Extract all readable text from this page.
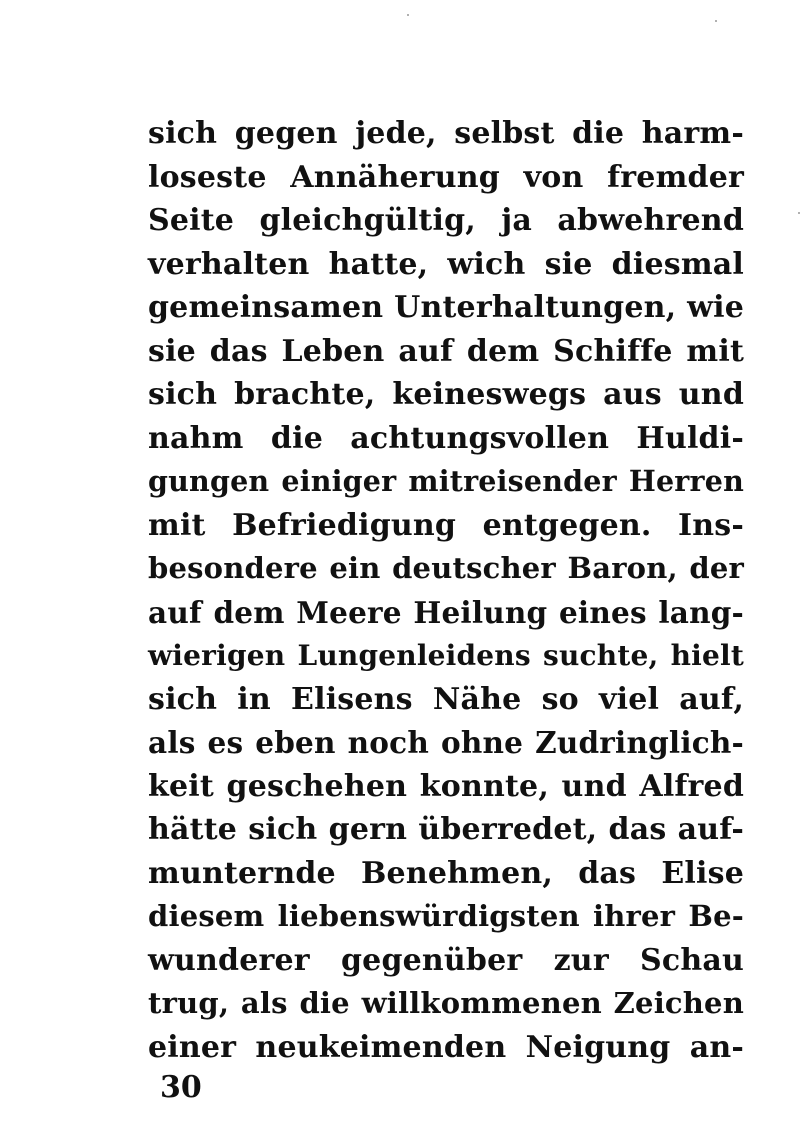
sich gegen jede, selbst die harm-
loseste Annäherung von fremder
Seite gleichgültig, ja abwehrend
verhalten hatte, wich sie diesmal
gemeinsamen Unterhaltungen, wie
sie das Leben auf dem Schiffe mit
sich brachte, keineswegs aus und
nahm die achtungsvollen Huldi-
gungen einiger mitreisender Herren
mit Befriedigung entgegen. Ins-
besondere ein deutscher Baron, der
auf dem Meere Heilung eines lang-
wierigen Lungenleidens suchte, hielt
sich in Elisens Nähe so viel auf,
als es eben noch ohne Zudringlich-
keit geschehen konnte, und Alfred
hätte sich gern überredet, das auf-
munternde Benehmen, das Elise
diesem liebenswürdigsten ihrer Be-
wunderer gegenüber zur Schau
trug, als die willkommenen Zeichen
einer neukeimenden Neigung an-
30
